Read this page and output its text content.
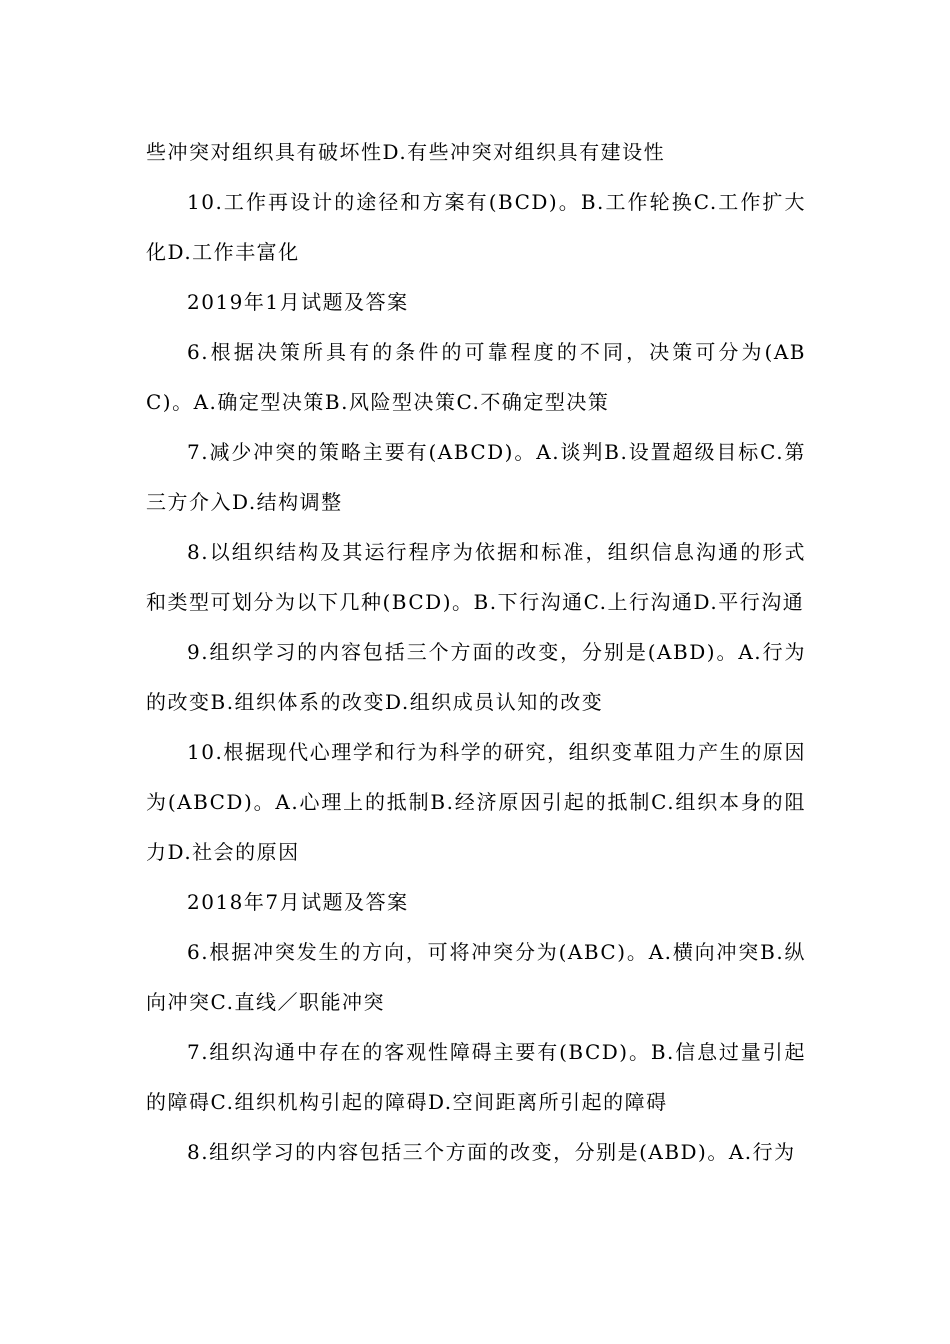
些冲突对组织具有破坏性D.有些冲突对组织具有建设性

10.工作再设计的途径和方案有(BCD)。B.工作轮换C.工作扩大化D.工作丰富化

2019年1月试题及答案

6.根据决策所具有的条件的可靠程度的不同，决策可分为(ABC)。A.确定型决策B.风险型决策C.不确定型决策

7.减少冲突的策略主要有(ABCD)。A.谈判B.设置超级目标C.第三方介入D.结构调整

8.以组织结构及其运行程序为依据和标准，组织信息沟通的形式和类型可划分为以下几种(BCD)。B.下行沟通C.上行沟通D.平行沟通

9.组织学习的内容包括三个方面的改变，分别是(ABD)。A.行为的改变B.组织体系的改变D.组织成员认知的改变

10.根据现代心理学和行为科学的研究，组织变革阻力产生的原因为(ABCD)。A.心理上的抵制B.经济原因引起的抵制C.组织本身的阻力D.社会的原因

2018年7月试题及答案

6.根据冲突发生的方向，可将冲突分为(ABC)。A.横向冲突B.纵向冲突C.直线／职能冲突

7.组织沟通中存在的客观性障碍主要有(BCD)。B.信息过量引起的障碍C.组织机构引起的障碍D.空间距离所引起的障碍

8.组织学习的内容包括三个方面的改变，分别是(ABD)。A.行为
